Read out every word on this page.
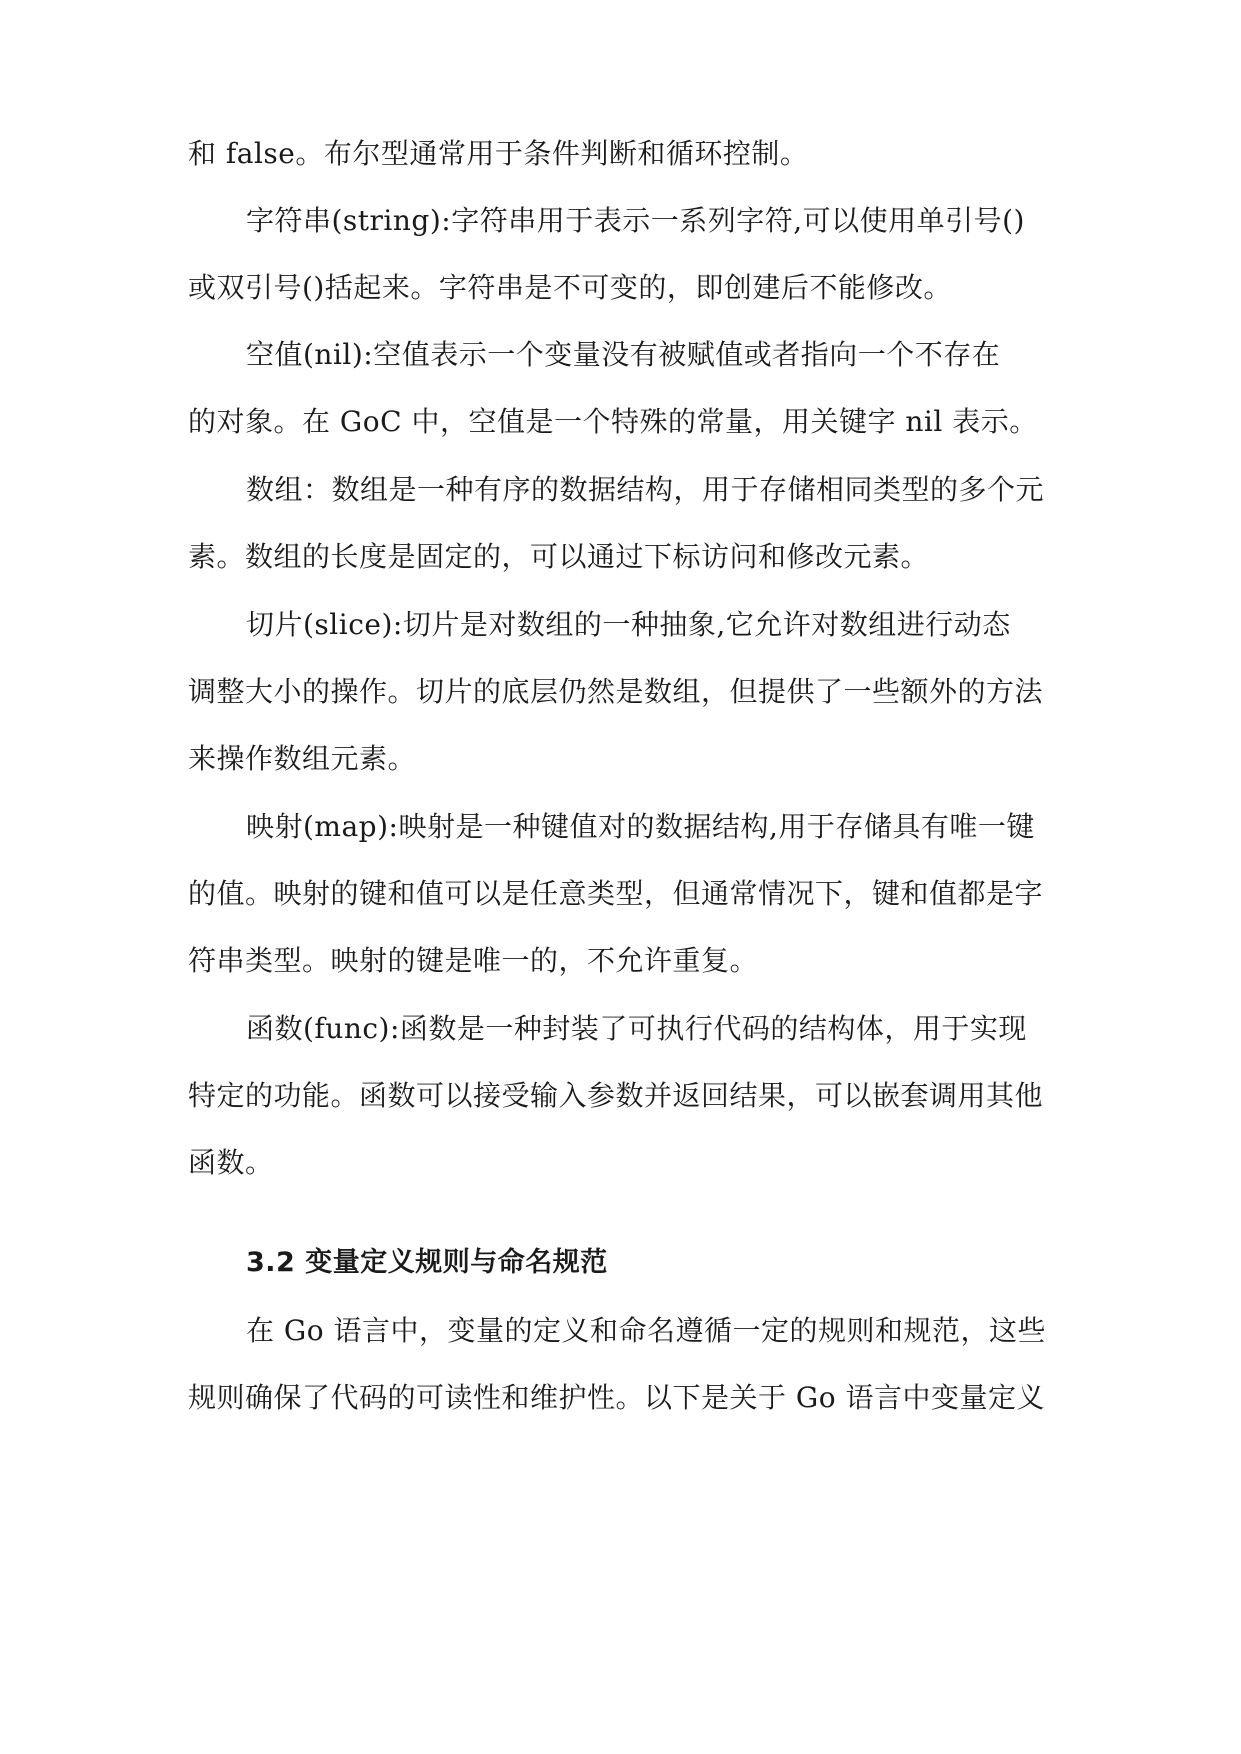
和 false。布尔型通常用于条件判断和循环控制。
字符串(string):字符串用于表示一系列字符,可以使用单引号()
或双引号()括起来。字符串是不可变的，即创建后不能修改。
空值(nil):空值表示一个变量没有被赋值或者指向一个不存在
的对象。在 GoC 中，空值是一个特殊的常量，用关键字 nil 表示。
数组：数组是一种有序的数据结构，用于存储相同类型的多个元
素。数组的长度是固定的，可以通过下标访问和修改元素。
切片(slice):切片是对数组的一种抽象,它允许对数组进行动态
调整大小的操作。切片的底层仍然是数组，但提供了一些额外的方法
来操作数组元素。
映射(map):映射是一种键值对的数据结构,用于存储具有唯一键
的值。映射的键和值可以是任意类型，但通常情况下，键和值都是字
符串类型。映射的键是唯一的，不允许重复。
函数(func):函数是一种封装了可执行代码的结构体，用于实现
特定的功能。函数可以接受输入参数并返回结果，可以嵌套调用其他
函数。
3.2 变量定义规则与命名规范
在 Go 语言中，变量的定义和命名遵循一定的规则和规范，这些
规则确保了代码的可读性和维护性。以下是关于 Go 语言中变量定义
